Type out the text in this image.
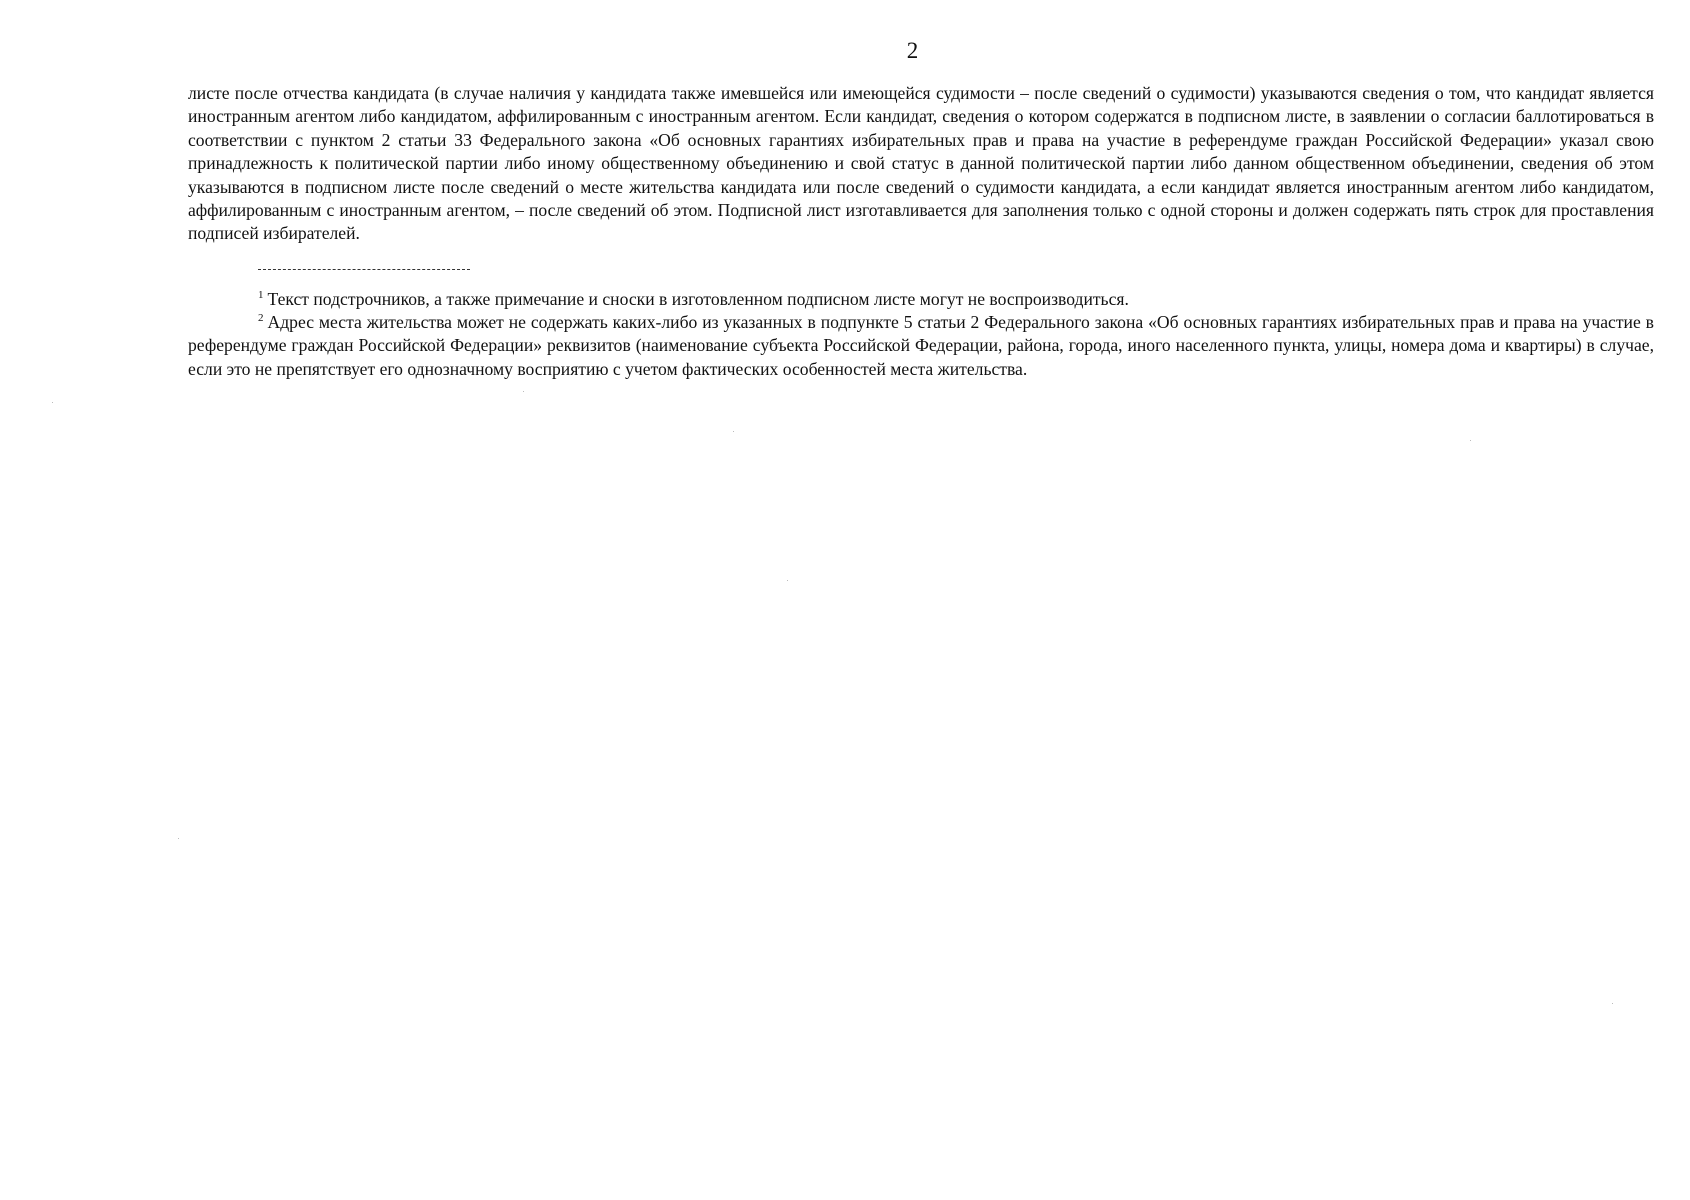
2

листе после отчества кандидата (в случае наличия у кандидата также имевшейся или имеющейся судимости – после сведений о судимости) указываются сведения о том, что кандидат является иностранным агентом либо кандидатом, аффилированным с иностранным агентом. Если кандидат, сведения о котором содержатся в подписном листе, в заявлении о согласии баллотироваться в соответствии с пунктом 2 статьи 33 Федерального закона «Об основных гарантиях избирательных прав и права на участие в референдуме граждан Российской Федерации» указал свою принадлежность к политической партии либо иному общественному объединению и свой статус в данной политической партии либо данном общественном объединении, сведения об этом указываются в подписном листе после сведений о месте жительства кандидата или после сведений о судимости кандидата, а если кандидат является иностранным агентом либо кандидатом, аффилированным с иностранным агентом, – после сведений об этом. Подписной лист изготавливается для заполнения только с одной стороны и должен содержать пять строк для проставления подписей избирателей.

$^1$ Текст подстрочников, а также примечание и сноски в изготовленном подписном листе могут не воспроизводиться.

$^2$ Адрес места жительства может не содержать каких-либо из указанных в подпункте 5 статьи 2 Федерального закона «Об основных гарантиях избирательных прав и права на участие в референдуме граждан Российской Федерации» реквизитов (наименование субъекта Российской Федерации, района, города, иного населенного пункта, улицы, номера дома и квартиры) в случае, если это не препятствует его однозначному восприятию с учетом фактических особенностей места жительства.
